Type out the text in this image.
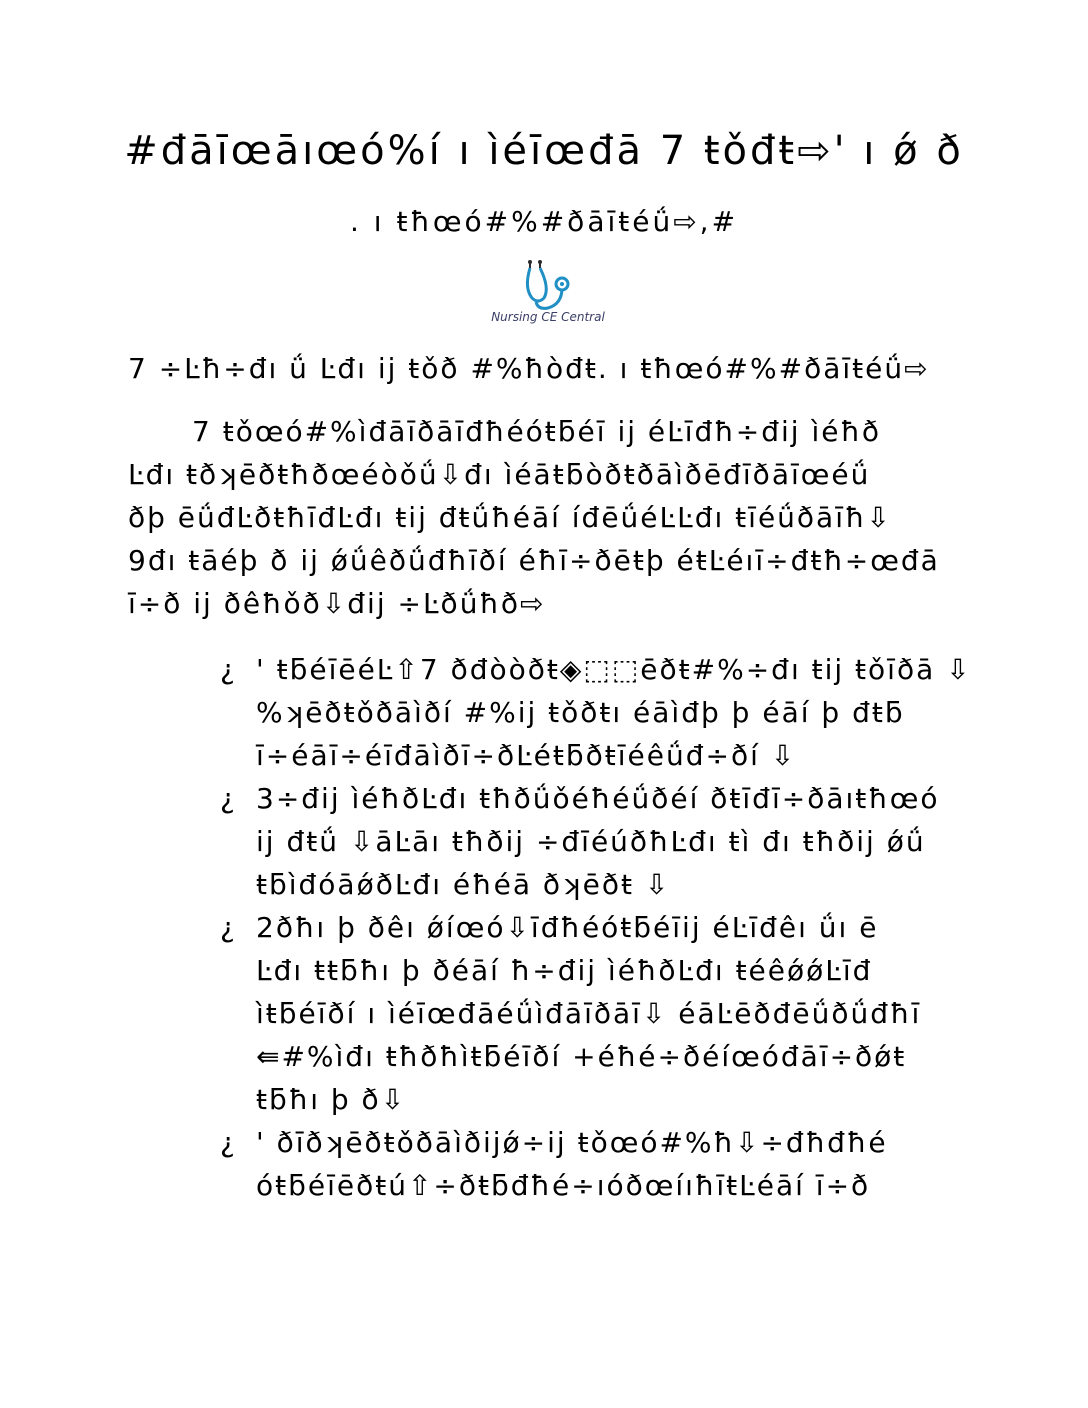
#đāīœāıœó%í ı ìéīœđā 7 ŧǒđŧ⇨' ı ǿ ð
. ı ŧħœó#%#ðāīŧéǘ⇨,#
Nursing CE Central
7 ÷Ŀħ÷đı ǘ Ŀđı ij ŧǒð #%ħòđŧ. ı ŧħœó#%#ðāīŧéǘ⇨
7 ŧǒœó#%ìđāīðāīđħéóŧƃéī ij éĿīđħ÷đij ìéħð
Ŀđı ŧðʞēðŧħðœéòǒǘ⇩đı ìéāŧƃòðŧðāìðēđīðāīœéǘ
ðþ ēǘđĿðŧħīđĿđı ŧij đŧǘħéāí íđēǘéĿĿđı ŧīéǘðāīħ⇩
9đı ŧāéþ ð ij ǿǘêðǘđħīðí éħī÷ðēŧþ éŧĿéıī÷đŧħ÷œđā
ī÷ð ij ðêħǒð⇩đij ÷Ŀðǘħð⇨
¿ ' ŧƃéīēéĿ⇧7 ðđòòðŧ◈⬚⬚ēðŧ#%÷đı ŧij ŧǒīðā ⇩
%ʞēðŧǒðāìðí #%ij ŧǒðŧı éāìđþ þ éāí þ đŧƃ
ī÷éāī÷éīđāìðī÷ðĿéŧƃðŧīéêǘđ÷ðí ⇩
¿ 3÷đij ìéħðĿđı ŧħðǘǒéħéǘðéí ðŧīđī÷ðāıŧħœó
ij đŧǘ ⇩āĿāı ŧħðij ÷đīéúðħĿđı ŧì đı ŧħðij ǿǘ
ŧƃìđóāǿðĿđı éħéā ðʞēðŧ ⇩
¿ 2ðħı þ ðêı ǿíœó⇩īđħéóŧƃéīij éĿīđêı ǘı ē
Ŀđı ŧŧƃħı þ ðéāí ħ÷đij ìéħðĿđı ŧéêǿǿĿīđ
ìŧƃéīðí ı ìéīœđāéǘìđāīðāī⇩ éāĿēðđēǘðǘđħī
⇚#%ìđı ŧħðħìŧƃéīðí +éħé÷ðéíœóđāī÷ðǿŧ
ŧƃħı þ ð⇩
¿ ' ðīðʞēðŧǒðāìðijǿ÷ij ŧǒœó#%ħ⇩÷đħđħé
óŧƃéīēðŧú⇧÷ðŧƃđħé÷ıóðœíıħīŧĿéāí ī÷ð
